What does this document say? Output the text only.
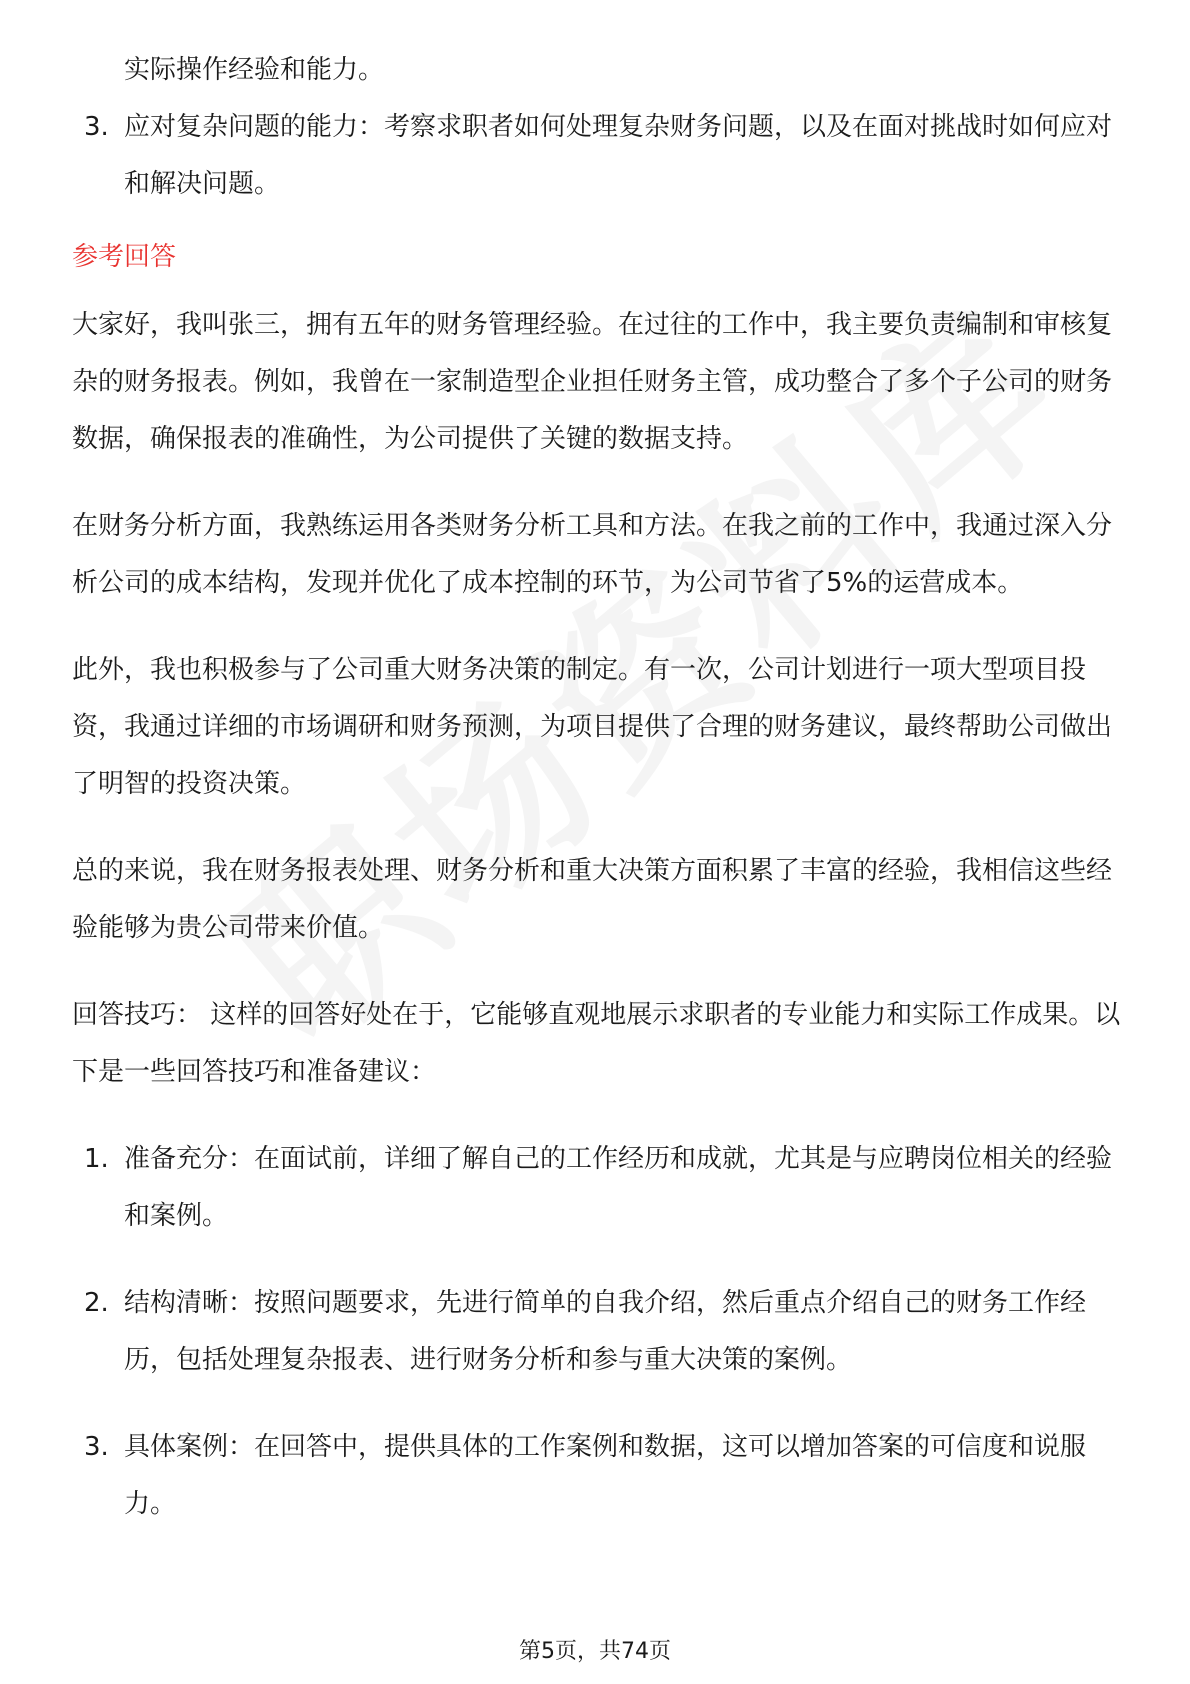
实际操作经验和能力。
3. 应对复杂问题的能力：考察求职者如何处理复杂财务问题，以及在面对挑战时如何应对和解决问题。
参考回答

大家好，我叫张三，拥有五年的财务管理经验。在过往的工作中，我主要负责编制和审核复杂的财务报表。例如，我曾在一家制造型企业担任财务主管，成功整合了多个子公司的财务数据，确保报表的准确性，为公司提供了关键的数据支持。

在财务分析方面，我熟练运用各类财务分析工具和方法。在我之前的工作中，我通过深入分析公司的成本结构，发现并优化了成本控制的环节，为公司节省了5%的运营成本。

此外，我也积极参与了公司重大财务决策的制定。有一次，公司计划进行一项大型项目投资，我通过详细的市场调研和财务预测，为项目提供了合理的财务建议，最终帮助公司做出了明智的投资决策。

总的来说，我在财务报表处理、财务分析和重大决策方面积累了丰富的经验，我相信这些经验能够为贵公司带来价值。

回答技巧： 这样的回答好处在于，它能够直观地展示求职者的专业能力和实际工作成果。以下是一些回答技巧和准备建议：

1. 准备充分：在面试前，详细了解自己的工作经历和成就，尤其是与应聘岗位相关的经验和案例。
2. 结构清晰：按照问题要求，先进行简单的自我介绍，然后重点介绍自己的财务工作经历，包括处理复杂报表、进行财务分析和参与重大决策的案例。
3. 具体案例：在回答中，提供具体的工作案例和数据，这可以增加答案的可信度和说服力。
第5页，共74页
